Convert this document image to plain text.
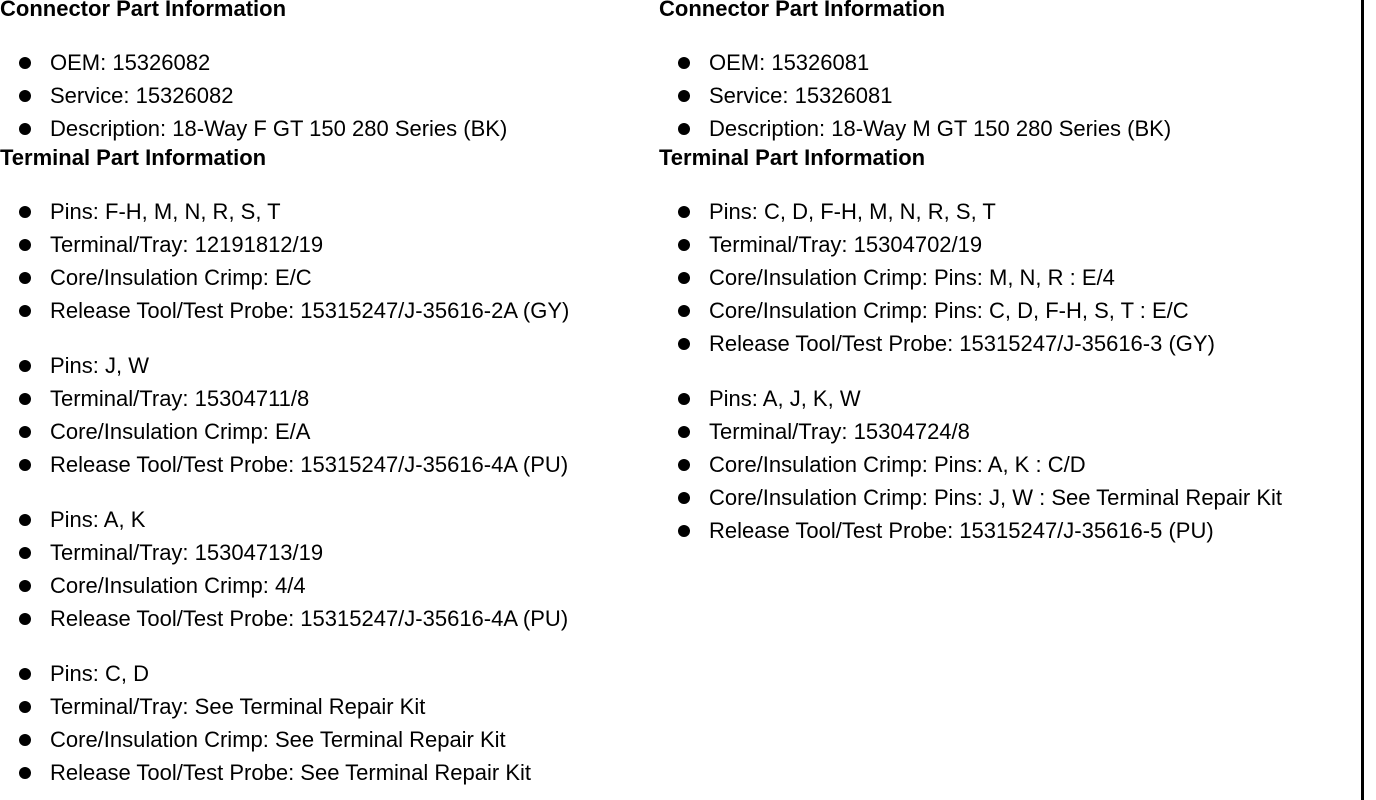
Connector Part Information
OEM: 15326082
Service: 15326082
Description: 18-Way F GT 150 280 Series (BK)
Terminal Part Information
Pins: F-H, M, N, R, S, T
Terminal/Tray: 12191812/19
Core/Insulation Crimp: E/C
Release Tool/Test Probe: 15315247/J-35616-2A (GY)
Pins: J, W
Terminal/Tray: 15304711/8
Core/Insulation Crimp: E/A
Release Tool/Test Probe: 15315247/J-35616-4A (PU)
Pins: A, K
Terminal/Tray: 15304713/19
Core/Insulation Crimp: 4/4
Release Tool/Test Probe: 15315247/J-35616-4A (PU)
Pins: C, D
Terminal/Tray: See Terminal Repair Kit
Core/Insulation Crimp: See Terminal Repair Kit
Release Tool/Test Probe: See Terminal Repair Kit
Connector Part Information
OEM: 15326081
Service: 15326081
Description: 18-Way M GT 150 280 Series (BK)
Terminal Part Information
Pins: C, D, F-H, M, N, R, S, T
Terminal/Tray: 15304702/19
Core/Insulation Crimp: Pins: M, N, R : E/4
Core/Insulation Crimp: Pins: C, D, F-H, S, T : E/C
Release Tool/Test Probe: 15315247/J-35616-3 (GY)
Pins: A, J, K, W
Terminal/Tray: 15304724/8
Core/Insulation Crimp: Pins: A, K : C/D
Core/Insulation Crimp: Pins: J, W : See Terminal Repair Kit
Release Tool/Test Probe: 15315247/J-35616-5 (PU)
